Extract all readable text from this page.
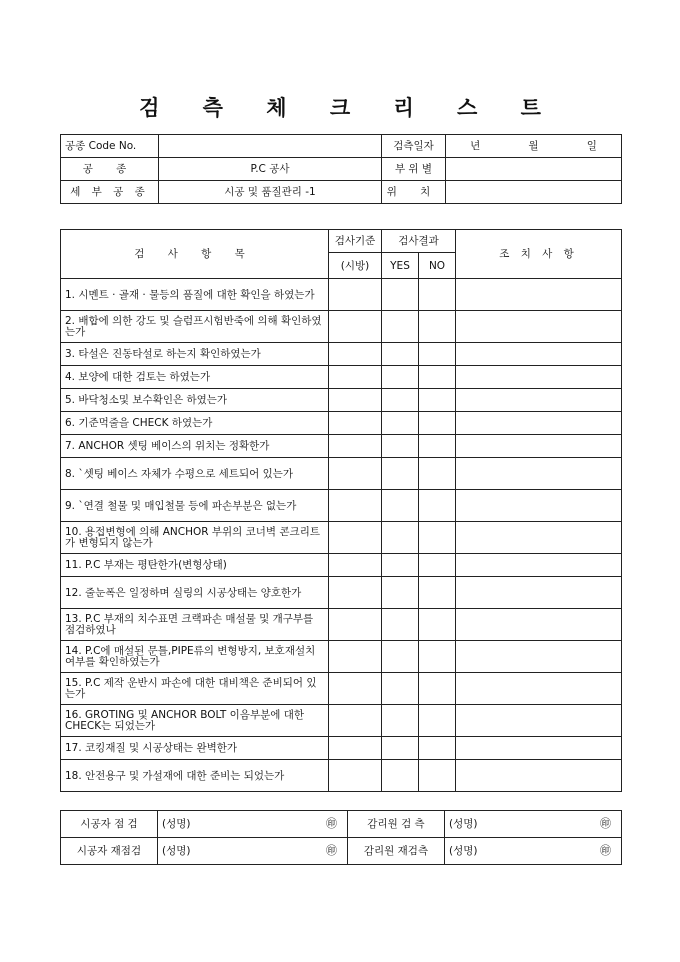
검 측 체 크 리 스 트
공종 Code No.		검측일자	년 월 일

공 종	P.C 공사	부 위 별	
세 부 공 종	시공 및 품질관리 -1	위 치	
검 사 항 목	검사기준	검사결과		조 치 사 항
	(시방)	YES	NO	
1. 시멘트 · 골재 · 물등의 품질에 대한 확인을 하였는가				
2. 배합에 의한 강도 및 슬럼프시험반죽에 의해 확인하였는가				
3. 타설은 진동타설로 하는지 확인하였는가				
4. 보양에 대한 검토는 하였는가				
5. 바닥청소및 보수확인은 하였는가				
6. 기준먹줄을 CHECK 하였는가				
7. ANCHOR 셋팅 베이스의 위치는 정확한가				
8. `셋팅 베이스 자체가 수평으로 세트되어 있는가				
9. `연결 철물 및 매입철물 등에 파손부분은 없는가				
10. 용접변형에 의해 ANCHOR 부위의 코너벽 콘크리트가 변형되지 않는가				
11. P.C 부재는 평탄한가(변형상태)				
12. 줄눈폭은 일정하며 실링의 시공상태는 양호한가				
13. P.C 부재의 치수표면 크랙파손 매설물 및 개구부를 점검하였나				
14. P.C에 매설된 문틀,PIPE류의 변형방지, 보호재설치 여부를 확인하였는가				
15. P.C 제작 운반시 파손에 대한 대비책은 준비되어 있는가				
16. GROTING 및 ANCHOR BOLT 이음부분에 대한 CHECK는 되었는가				
17. 코킹재질 및 시공상태는 완벽한가				
18. 안전용구 및 가설재에 대한 준비는 되었는가				
시공자 점 검	(성명) ㊞	감리원 검 측	(성명) ㊞

시공자 재점검	(성명) ㊞	감리원 재검측	(성명) ㊞
